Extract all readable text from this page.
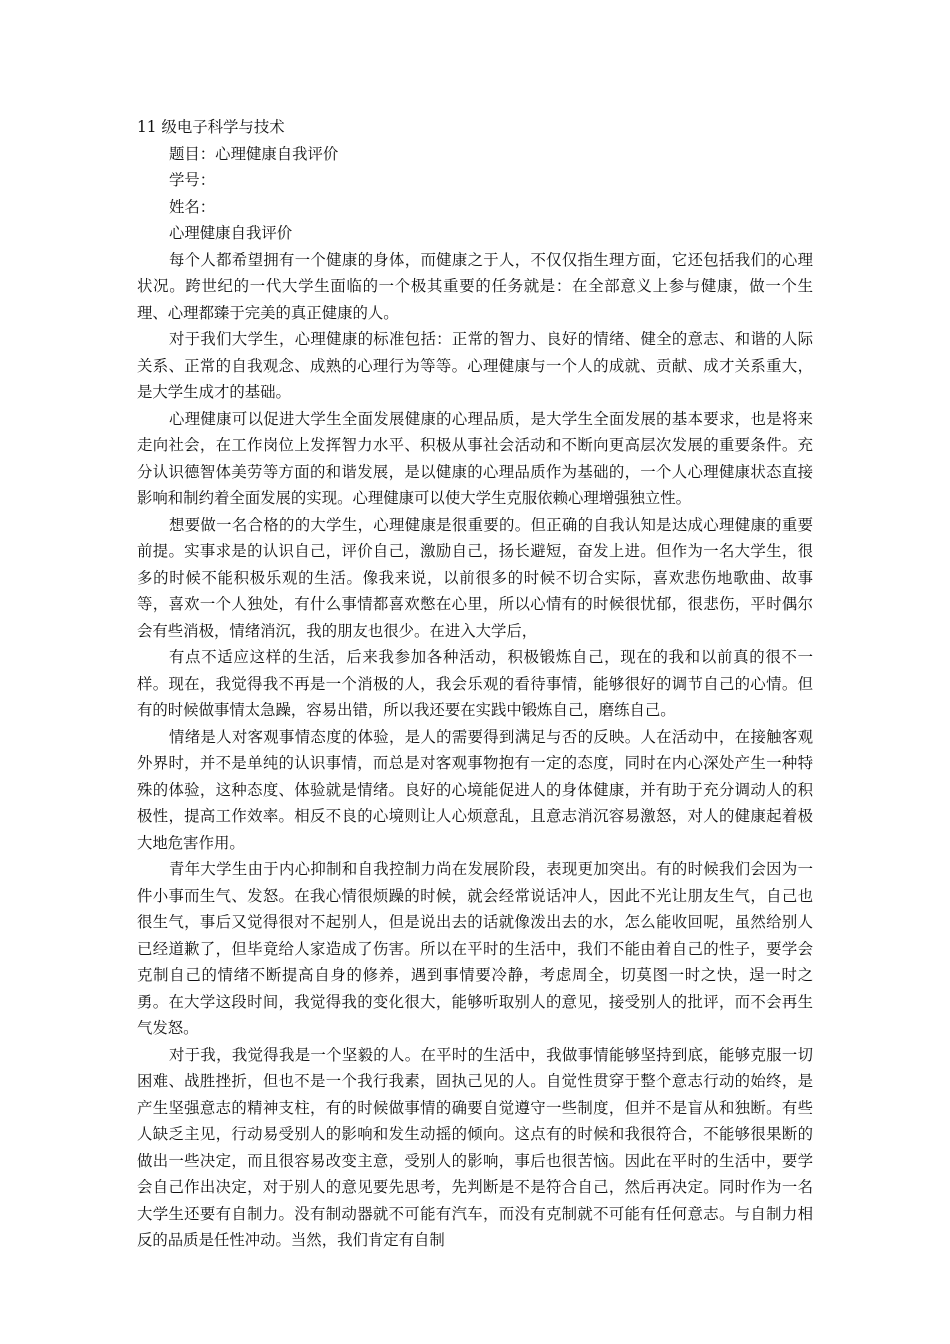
11 级电子科学与技术

题目：心理健康自我评价

学号：

姓名：

心理健康自我评价

每个人都希望拥有一个健康的身体，而健康之于人，不仅仅指生理方面，它还包括我们的心理状况。跨世纪的一代大学生面临的一个极其重要的任务就是：在全部意义上参与健康，做一个生理、心理都臻于完美的真正健康的人。

对于我们大学生，心理健康的标准包括：正常的智力、良好的情绪、健全的意志、和谐的人际关系、正常的自我观念、成熟的心理行为等等。心理健康与一个人的成就、贡献、成才关系重大，是大学生成才的基础。

心理健康可以促进大学生全面发展健康的心理品质，是大学生全面发展的基本要求，也是将来走向社会，在工作岗位上发挥智力水平、积极从事社会活动和不断向更高层次发展的重要条件。充分认识德智体美劳等方面的和谐发展，是以健康的心理品质作为基础的，一个人心理健康状态直接影响和制约着全面发展的实现。心理健康可以使大学生克服依赖心理增强独立性。

想要做一名合格的的大学生，心理健康是很重要的。但正确的自我认知是达成心理健康的重要前提。实事求是的认识自己，评价自己，激励自己，扬长避短，奋发上进。但作为一名大学生，很多的时候不能积极乐观的生活。像我来说，以前很多的时候不切合实际，喜欢悲伤地歌曲、故事等，喜欢一个人独处，有什么事情都喜欢憋在心里，所以心情有的时候很忧郁，很悲伤，平时偶尔会有些消极，情绪消沉，我的朋友也很少。在进入大学后，

有点不适应这样的生活，后来我参加各种活动，积极锻炼自己，现在的我和以前真的很不一样。现在，我觉得我不再是一个消极的人，我会乐观的看待事情，能够很好的调节自己的心情。但有的时候做事情太急躁，容易出错，所以我还要在实践中锻炼自己，磨练自己。

情绪是人对客观事情态度的体验，是人的需要得到满足与否的反映。人在活动中，在接触客观外界时，并不是单纯的认识事情，而总是对客观事物抱有一定的态度，同时在内心深处产生一种特殊的体验，这种态度、体验就是情绪。良好的心境能促进人的身体健康，并有助于充分调动人的积极性，提高工作效率。相反不良的心境则让人心烦意乱，且意志消沉容易激怒，对人的健康起着极大地危害作用。

青年大学生由于内心抑制和自我控制力尚在发展阶段，表现更加突出。有的时候我们会因为一件小事而生气、发怒。在我心情很烦躁的时候，就会经常说话冲人，因此不光让朋友生气，自己也很生气，事后又觉得很对不起别人，但是说出去的话就像泼出去的水，怎么能收回呢，虽然给别人已经道歉了，但毕竟给人家造成了伤害。所以在平时的生活中，我们不能由着自己的性子，要学会克制自己的情绪不断提高自身的修养，遇到事情要冷静，考虑周全，切莫图一时之快，逞一时之勇。在大学这段时间，我觉得我的变化很大，能够听取别人的意见，接受别人的批评，而不会再生气发怒。

对于我，我觉得我是一个坚毅的人。在平时的生活中，我做事情能够坚持到底，能够克服一切困难、战胜挫折，但也不是一个我行我素，固执己见的人。自觉性贯穿于整个意志行动的始终，是产生坚强意志的精神支柱，有的时候做事情的确要自觉遵守一些制度，但并不是盲从和独断。有些人缺乏主见，行动易受别人的影响和发生动摇的倾向。这点有的时候和我很符合，不能够很果断的做出一些决定，而且很容易改变主意，受别人的影响，事后也很苦恼。因此在平时的生活中，要学会自己作出决定，对于别人的意见要先思考，先判断是不是符合自己，然后再决定。同时作为一名大学生还要有自制力。没有制动器就不可能有汽车，而没有克制就不可能有任何意志。与自制力相反的品质是任性冲动。当然，我们肯定有自制
